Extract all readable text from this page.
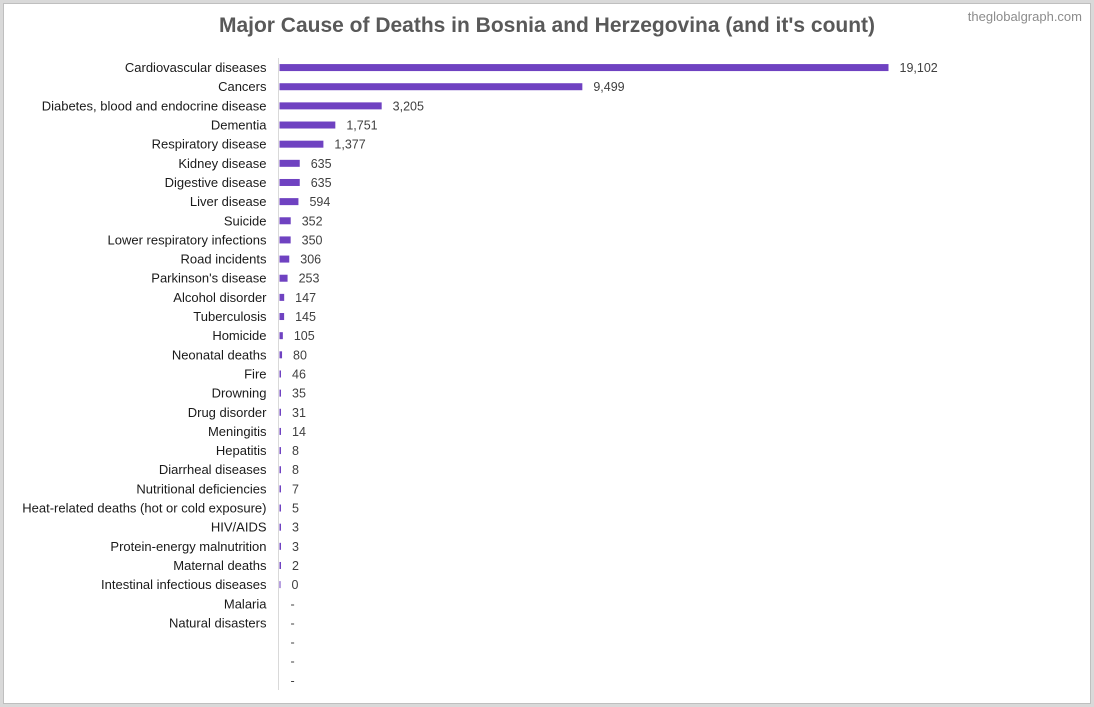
Major Cause of Deaths in Bosnia and Herzegovina (and it's count)	theglobalgraph.com
Cardiovascular diseases	19,102
Cancers	9,499
Diabetes, blood and endocrine disease	3,205
Dementia	1,751
Respiratory disease	1,377
Kidney disease	635
Digestive disease	635
Liver disease	594
Suicide	352
Lower respiratory infections	350
Road incidents	306
Parkinson's disease	253
Alcohol disorder 147
Tuberculosis 145
Homicide 105
Neonatal deaths 80
Fire 46
Drowning 35
Drug disorder 31
Meningitis 14
Hepatitis 8
Diarrheal diseases 8
Nutritional deficiencies 7
Heat-related deaths (hot or cold exposure) 5
HIV/AIDS 3
Protein-energy malnutrition 3
Maternal deaths 2
Intestinal infectious diseases 0
Malaria -
Natural disasters -
-
-
-
